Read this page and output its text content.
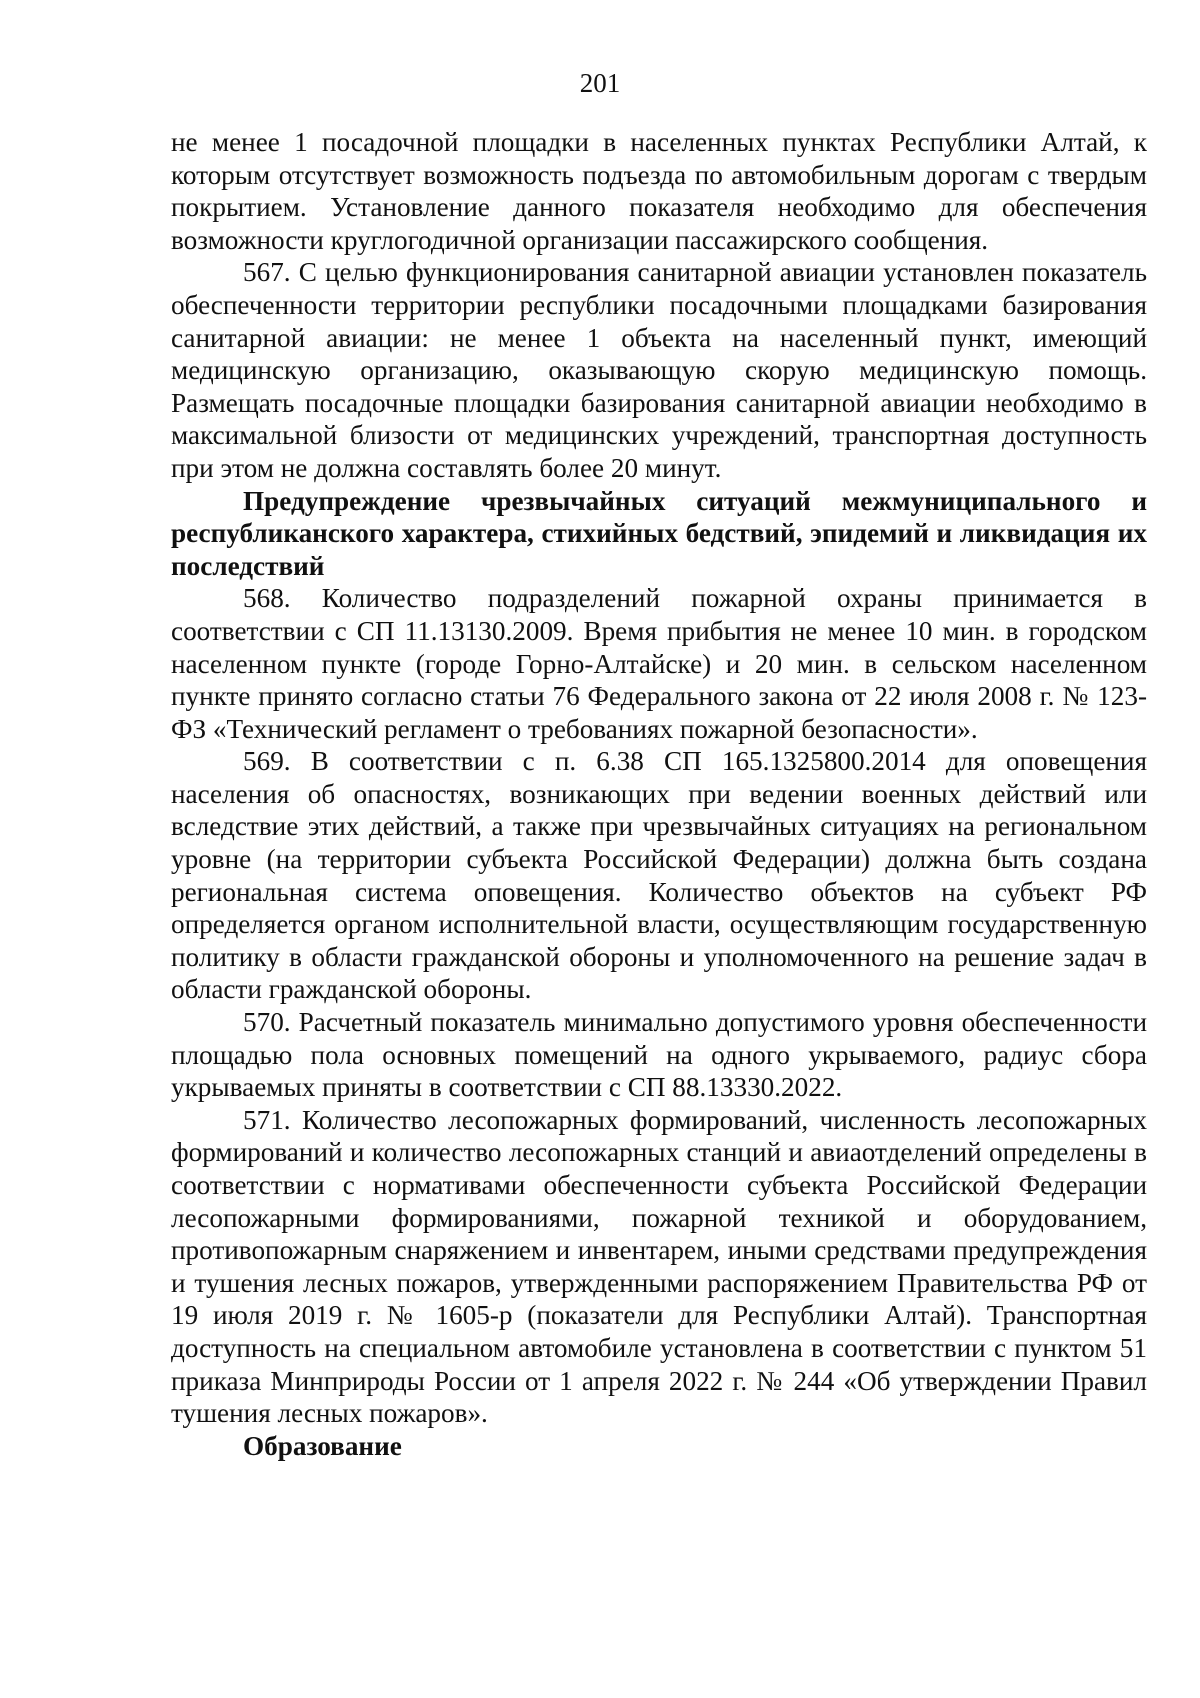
201

не менее 1 посадочной площадки в населенных пунктах Республики Алтай, к которым отсутствует возможность подъезда по автомобильным дорогам с твердым покрытием. Установление данного показателя необходимо для обеспечения возможности круглогодичной организации пассажирского сообщения.

567. С целью функционирования санитарной авиации установлен показатель обеспеченности территории республики посадочными площадками базирования санитарной авиации: не менее 1 объекта на населенный пункт, имеющий медицинскую организацию, оказывающую скорую медицинскую помощь. Размещать посадочные площадки базирования санитарной авиации необходимо в максимальной близости от медицинских учреждений, транспортная доступность при этом не должна составлять более 20 минут.

Предупреждение чрезвычайных ситуаций межмуниципального и республиканского характера, стихийных бедствий, эпидемий и ликвидация их последствий

568. Количество подразделений пожарной охраны принимается в соответствии с СП 11.13130.2009. Время прибытия не менее 10 мин. в городском населенном пункте (городе Горно-Алтайске) и 20 мин. в сельском населенном пункте принято согласно статьи 76 Федерального закона от 22 июля 2008 г. № 123-ФЗ «Технический регламент о требованиях пожарной безопасности».

569. В соответствии с п. 6.38 СП 165.1325800.2014 для оповещения населения об опасностях, возникающих при ведении военных действий или вследствие этих действий, а также при чрезвычайных ситуациях на региональном уровне (на территории субъекта Российской Федерации) должна быть создана региональная система оповещения. Количество объектов на субъект РФ определяется органом исполнительной власти, осуществляющим государственную политику в области гражданской обороны и уполномоченного на решение задач в области гражданской обороны.

570. Расчетный показатель минимально допустимого уровня обеспеченности площадью пола основных помещений на одного укрываемого, радиус сбора укрываемых приняты в соответствии с СП 88.13330.2022.

571. Количество лесопожарных формирований, численность лесопожарных формирований и количество лесопожарных станций и авиаотделений определены в соответствии с нормативами обеспеченности субъекта Российской Федерации лесопожарными формированиями, пожарной техникой и оборудованием, противопожарным снаряжением и инвентарем, иными средствами предупреждения и тушения лесных пожаров, утвержденными распоряжением Правительства РФ от 19 июля 2019 г. № 1605-р (показатели для Республики Алтай). Транспортная доступность на специальном автомобиле установлена в соответствии с пунктом 51 приказа Минприроды России от 1 апреля 2022 г. № 244 «Об утверждении Правил тушения лесных пожаров».

Образование
